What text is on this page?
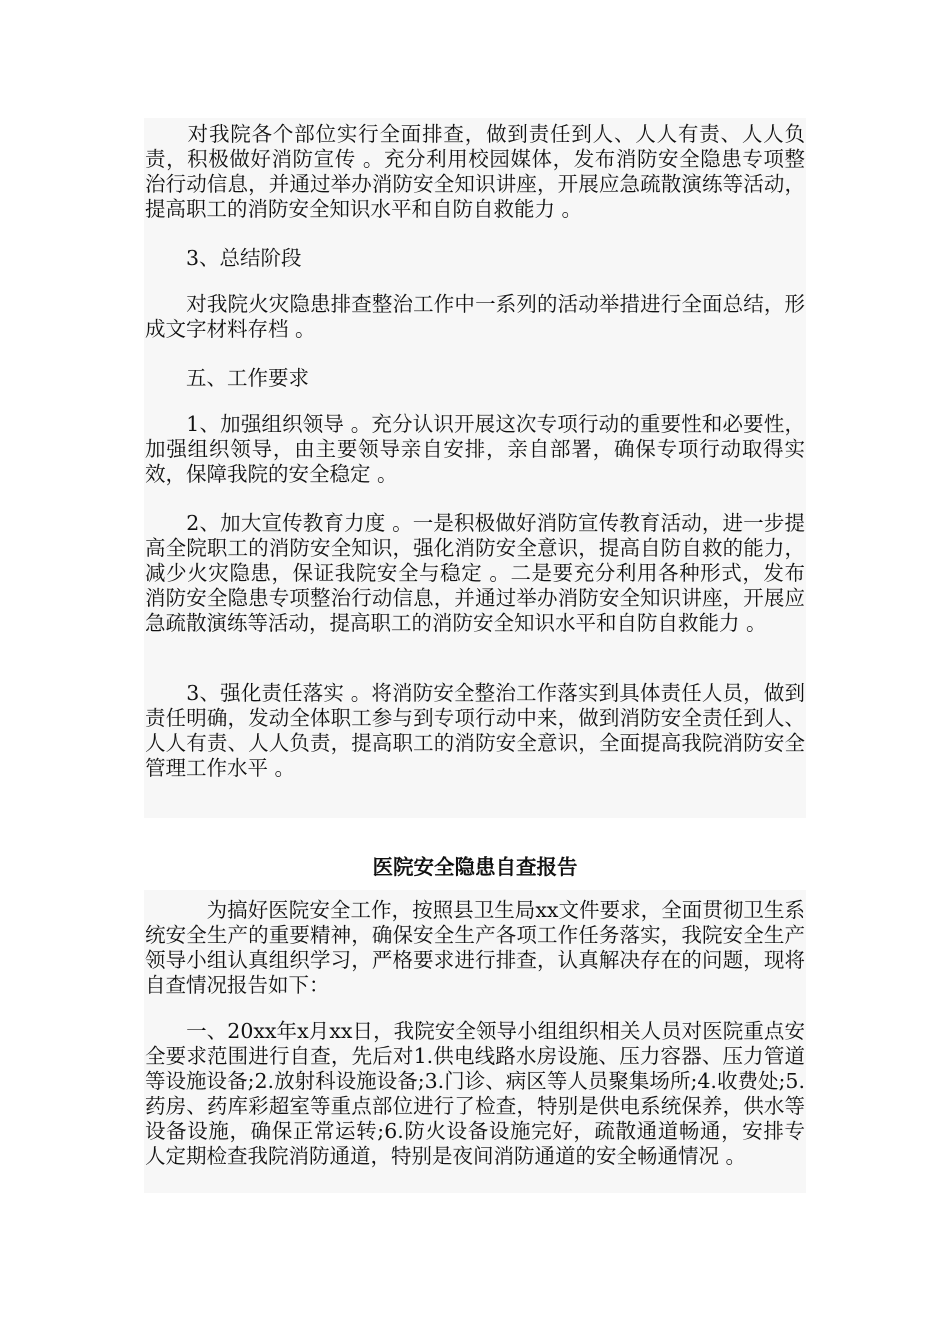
　　对我院各个部位实行全面排查，做到责任到人、人人有责、人人负责，积极做好消防宣传 。充分利用校园媒体，发布消防安全隐患专项整治行动信息，并通过举办消防安全知识讲座，开展应急疏散演练等活动，提高职工的消防安全知识水平和自防自救能力 。

　　3、总结阶段

　　对我院火灾隐患排查整治工作中一系列的活动举措进行全面总结，形成文字材料存档 。

　　五、工作要求

　　1、加强组织领导 。充分认识开展这次专项行动的重要性和必要性，加强组织领导，由主要领导亲自安排，亲自部署，确保专项行动取得实效，保障我院的安全稳定 。

　　2、加大宣传教育力度 。一是积极做好消防宣传教育活动，进一步提高全院职工的消防安全知识，强化消防安全意识，提高自防自救的能力，减少火灾隐患，保证我院安全与稳定 。二是要充分利用各种形式，发布消防安全隐患专项整治行动信息，并通过举办消防安全知识讲座，开展应急疏散演练等活动，提高职工的消防安全知识水平和自防自救能力 。

　　3、强化责任落实 。将消防安全整治工作落实到具体责任人员，做到责任明确，发动全体职工参与到专项行动中来，做到消防安全责任到人、人人有责、人人负责，提高职工的消防安全意识，全面提高我院消防安全管理工作水平 。

医院安全隐患自查报告

　　　为搞好医院安全工作，按照县卫生局xx文件要求，全面贯彻卫生系统安全生产的重要精神，确保安全生产各项工作任务落实，我院安全生产领导小组认真组织学习，严格要求进行排查，认真解决存在的问题，现将自查情况报告如下：

　　一、20xx年x月xx日，我院安全领导小组组织相关人员对医院重点安全要求范围进行自查，先后对1.供电线路水房设施、压力容器、压力管道等设施设备;2.放射科设施设备;3.门诊、病区等人员聚集场所;4.收费处;5.药房、药库彩超室等重点部位进行了检查，特别是供电系统保养，供水等设备设施，确保正常运转;6.防火设备设施完好，疏散通道畅通，安排专人定期检查我院消防通道，特别是夜间消防通道的安全畅通情况 。
